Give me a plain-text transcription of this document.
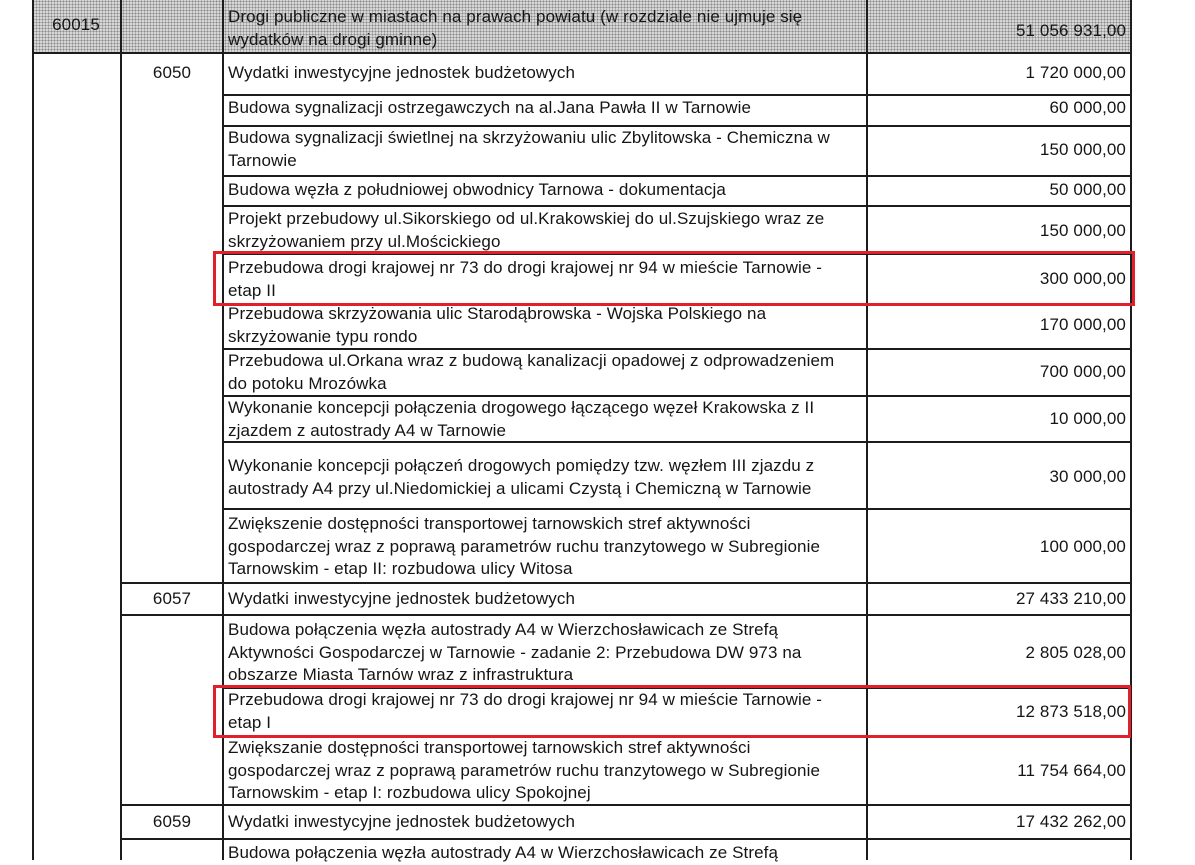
60015	Drogi publiczne w miastach na prawach powiatu (w rozdziale nie ujmuje się
wydatków na drogi gminne)	51 056 931,00
6050	Wydatki inwestycyjne jednostek budżetowych	1 720 000,00
Budowa sygnalizacji ostrzegawczych na al.Jana Pawła II w Tarnowie	60 000,00
Budowa sygnalizacji świetlnej na skrzyżowaniu ulic Zbylitowska - Chemiczna w
Tarnowie
150 000,00
Budowa węzła z południowej obwodnicy Tarnowa - dokumentacja	50 000,00
Projekt przebudowy ul.Sikorskiego od ul.Krakowskiej do ul.Szujskiego wraz ze
skrzyżowaniem przy ul.Mościckiego
150 000,00
Przebudowa drogi krajowej nr 73 do drogi krajowej nr 94 w mieście Tarnowie -
etap II
300 000,00
Przebudowa skrzyżowania ulic Starodąbrowska - Wojska Polskiego na
skrzyżowanie typu rondo
170 000,00
Przebudowa ul.Orkana wraz z budową kanalizacji opadowej z odprowadzeniem
do potoku Mrozówka
700 000,00
Wykonanie koncepcji połączenia drogowego łączącego węzeł Krakowska z II
zjazdem z autostrady A4 w Tarnowie
10 000,00
Wykonanie koncepcji połączeń drogowych pomiędzy tzw. węzłem III zjazdu z
autostrady A4 przy ul.Niedomickiej a ulicami Czystą i Chemiczną w Tarnowie
30 000,00
Zwiększenie dostępności transportowej tarnowskich stref aktywności
gospodarczej wraz z poprawą parametrów ruchu tranzytowego w Subregionie
Tarnowskim - etap II: rozbudowa ulicy Witosa
100 000,00
6057	Wydatki inwestycyjne jednostek budżetowych	27 433 210,00
Budowa połączenia węzła autostrady A4 w Wierzchosławicach ze Strefą
Aktywności Gospodarczej w Tarnowie - zadanie 2: Przebudowa DW 973 na
obszarze Miasta Tarnów wraz z infrastruktura
2 805 028,00
Przebudowa drogi krajowej nr 73 do drogi krajowej nr 94 w mieście Tarnowie -
etap I
12 873 518,00
Zwiększanie dostępności transportowej tarnowskich stref aktywności
gospodarczej wraz z poprawą parametrów ruchu tranzytowego w Subregionie
Tarnowskim - etap I: rozbudowa ulicy Spokojnej
11 754 664,00
6059	Wydatki inwestycyjne jednostek budżetowych	17 432 262,00
Budowa połączenia węzła autostrady A4 w Wierzchosławicach ze Strefą
